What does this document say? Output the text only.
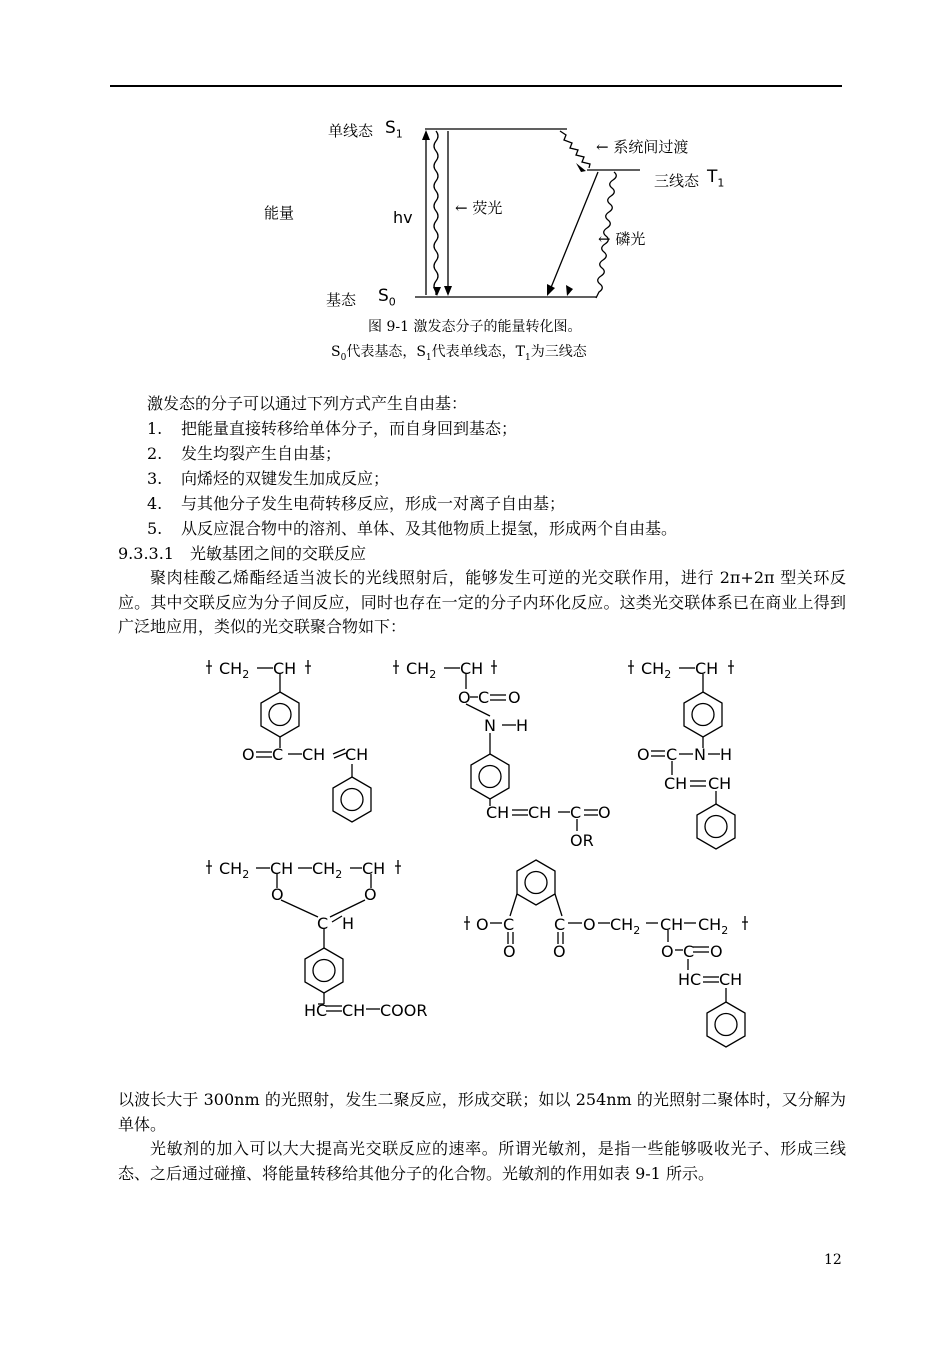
单线态 $S_1$
← 系统间过渡
三线态 $T_1$
能量	hv	← 荧光
← 磷光
基态 $S_0$
图 9-1 激发态分子的能量转化图。
$S_0$代表基态，$S_1$代表单线态，$T_1$为三线态
激发态的分子可以通过下列方式产生自由基：
1. 把能量直接转移给单体分子，而自身回到基态；
2. 发生均裂产生自由基；
3. 向烯烃的双键发生加成反应；
4. 与其他分子发生电荷转移反应，形成一对离子自由基；
5. 从反应混合物中的溶剂、单体、及其他物质上提氢，形成两个自由基。
9.3.3.1　光敏基团之间的交联反应
聚肉桂酸乙烯酯经适当波长的光线照射后，能够发生可逆的光交联作用，进行 2π+2π 型关环反应。其中交联反应为分子间反应，同时也存在一定的分子内环化反应。这类光交联体系已在商业上得到广泛地应用，类似的光交联聚合物如下：
$CH_2$ CH
O C CH CH
$CH_2$ CH
O C O
N H
CH CH C O
OR
$CH_2$ CH
O C N H
CH CH
$CH_2$ CH $CH_2$ CH
O	O
C H
HC CH COOR
O C C
O O
O $CH_2$ CH $CH_2$
O C O
HC CH
以波长大于 300nm 的光照射，发生二聚反应，形成交联；如以 254nm 的光照射二聚体时，又分解为单体。
光敏剂的加入可以大大提高光交联反应的速率。所谓光敏剂，是指一些能够吸收光子、形成三线态、之后通过碰撞、将能量转移给其他分子的化合物。光敏剂的作用如表 9-1 所示。
12
